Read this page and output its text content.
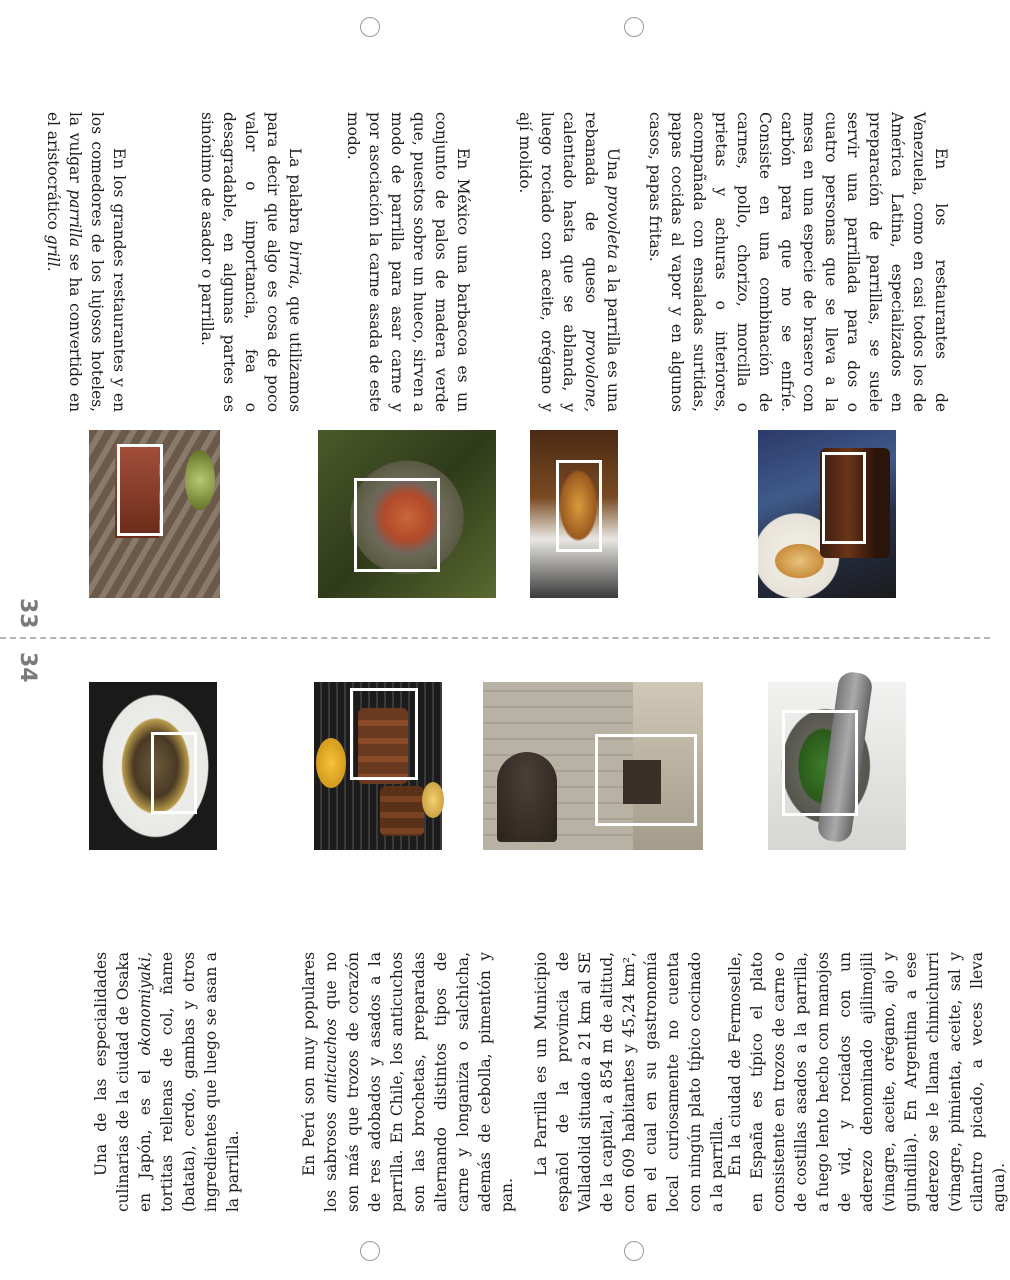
33
34
En los restaurantes de Venezuela, como en casi todos los de América Latina, especializados en preparación de parrillas, se suele servir una parrillada para dos o cuatro personas que se lleva a la mesa en una especie de brasero con carbón para que no se enfríe. Consiste en una combinación de carnes, pollo, chorizo, morcilla o prietas y achuras o interiores, acompañada con ensaladas surtidas, papas cocidas al vapor y en algunos casos, papas fritas.
Una provoleta a la parrilla es una rebanada de queso provolone, calentado hasta que se ablanda, y luego rociado con aceite, orégano y ají molido.
En México una barbacoa es un conjunto de palos de madera verde que, puestos sobre un hueco, sirven a modo de parrilla para asar carne y por asociación la carne asada de este modo.
La palabra birria, que utilizamos para decir que algo es cosa de poco valor o importancia, fea o desagradable, en algunas partes es sinónimo de asador o parrilla.
En los grandes restaurantes y en los comedores de los lujosos hoteles, la vulgar parrilla se ha convertido en el aristocrático grill.
En la ciudad de Fermoselle, en España es típico el plato consistente en trozos de carne o de costillas asados a la parrilla, a fuego lento hecho con manojos de vid, y rociados con un aderezo denominado ajilimojili (vinagre, aceite, orégano, ajo y guindilla). En Argentina a ese aderezo se le llama chimichurri (vinagre, pimienta, aceite, sal y cilantro picado, a veces lleva agua).
La Parrilla es un Municipio español de la provincia de Valladolid situado a 21 km al SE de la capital, a 854 m de altitud, con 609 habitantes y 45,24 km², en el cual en su gastronomía local curiosamente no cuenta con ningún plato típico cocinado a la parrilla.
En Perú son muy populares los sabrosos anticuchos que no son más que trozos de corazón de res adobados y asados a la parrilla. En Chile, los anticuchos son las brochetas, preparadas alternando distintos tipos de carne y longaniza o salchicha, además de cebolla, pimentón y pan.
Una de las especialidades culinarias de la ciudad de Osaka en Japón, es el okonomiyaki, tortitas rellenas de col, ñame (batata), cerdo, gambas y otros ingredientes que luego se asan a la parrilla.
